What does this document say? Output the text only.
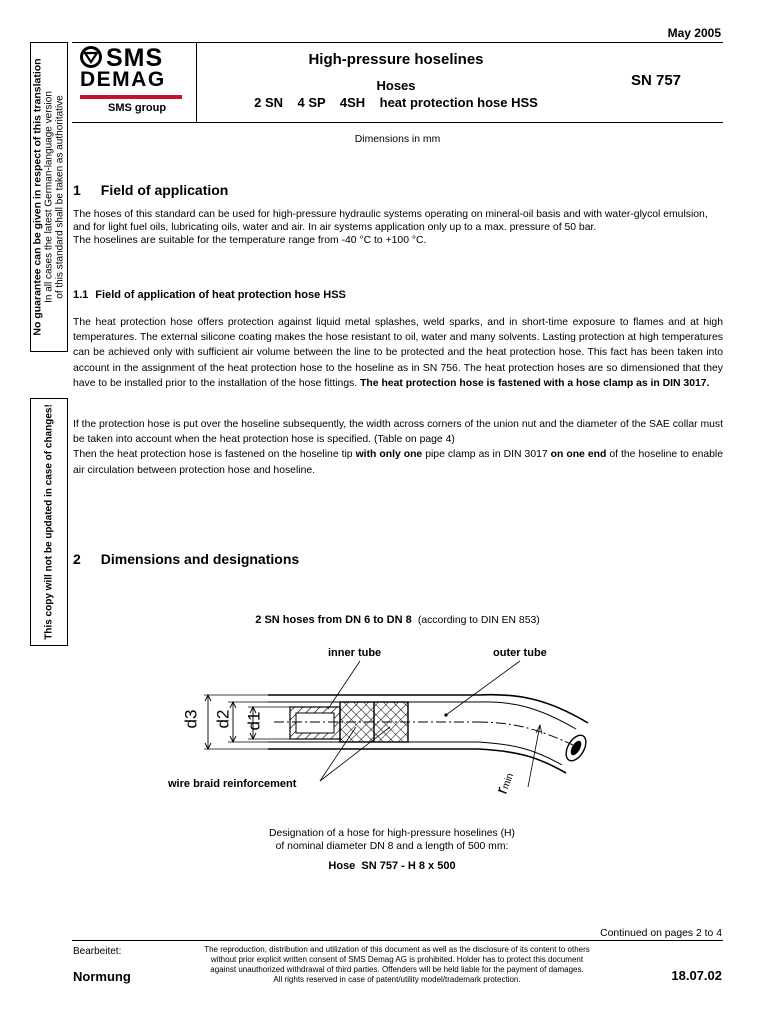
May 2005
SMS
DEMAG
SMS group
High-pressure hoselines
Hoses
2 SN    4 SP    4SH    heat protection hose HSS
SN 757
No guarantee can be given in respect of this translation In all cases the latest German-language version of this standard shall be taken as authoritative
This copy will not be updated in case of changes!
Dimensions in mm
1 Field of application
The hoses of this standard can be used for high-pressure hydraulic systems operating on mineral-oil basis and with water-glycol emulsion, and for light fuel oils, lubricating oils, water and air. In air systems application only up to a max. pressure of 50 bar.
The hoselines are suitable for the temperature range from -40 °C to +100 °C.
1.1 Field of application of heat protection hose HSS
The heat protection hose offers protection against liquid metal splashes, weld sparks, and in short-time exposure to flames and at high temperatures. The external silicone coating makes the hose resistant to oil, water and many solvents. Lasting protection at high temperatures can be achieved only with sufficient air volume between the line to be protected and the heat protection hose. This fact has been taken into account in the assignment of the heat protection hose to the hoseline as in SN 756. The heat protection hoses are so dimensioned that they have to be installed prior to the installation of the hose fittings. The heat protection hose is fastened with a hose clamp as in DIN 3017.
If the protection hose is put over the hoseline subsequently, the width across corners of the union nut and the diameter of the SAE collar must be taken into account when the heat protection hose is specified. (Table on page 4)
Then the heat protection hose is fastened on the hoseline tip with only one pipe clamp as in DIN 3017 on one end of the hoseline to enable air circulation between protection hose and hoseline.
2 Dimensions and designations
2 SN hoses from DN 6 to DN 8 (according to DIN EN 853)
inner tube	outer tube
wire braid reinforcement
d3 d2 d1
rmin
Designation of a hose for high-pressure hoselines (H)
of nominal diameter DN 8 and a length of 500 mm:
Hose  SN 757 - H 8 x 500
Continued on pages 2 to 4
Bearbeitet:
Normung
The reproduction, distribution and utilization of this document as well as the disclosure of its content to others
without prior explicit written consent of SMS Demag AG is prohibited. Holder has to protect this document
against unauthorized withdrawal of third parties. Offenders will be held liable for the payment of damages.
All rights reserved in case of patent/utility model/trademark protection.	18.07.02
